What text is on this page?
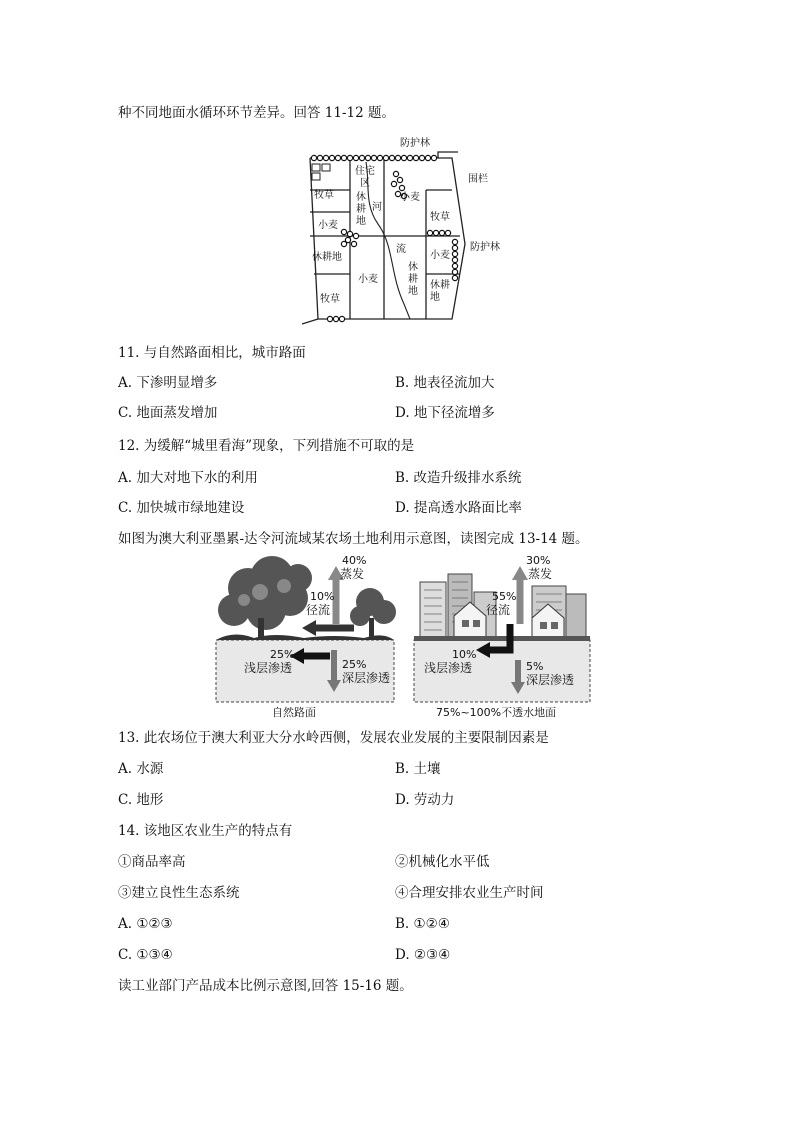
种不同地面水循环环节差异。回答 11-12 题。
防护林
住宅
区	围栏
防护林
牧草
牧草
牧草
小麦
小麦
小麦
小麦
休
耕
地
休耕地
休
耕
地
休耕
地
河
流
11. 与自然路面相比，城市路面
A. 下渗明显增多	B. 地表径流加大
C. 地面蒸发增加	D. 地下径流增多
12. 为缓解“城里看海”现象，下列措施不可取的是
A. 加大对地下水的利用	B. 改造升级排水系统
C. 加快城市绿地建设	D. 提高透水路面比率
如图为澳大利亚墨累-达令河流域某农场土地利用示意图，读图完成 13-14 题。
40%
蒸发
10%
径流
25%
浅层渗透	25%
深层渗透
自然路面
30%
蒸发
55%
径流
10%
浅层渗透	5%
深层渗透
75%~100%不透水地面
13. 此农场位于澳大利亚大分水岭西侧，发展农业发展的主要限制因素是
A. 水源	B. 土壤
C. 地形	D. 劳动力
14. 该地区农业生产的特点有
①商品率高	②机械化水平低
③建立良性生态系统	④合理安排农业生产时间
A. ①②③	B. ①②④
C. ①③④	D. ②③④
读工业部门产品成本比例示意图,回答 15-16 题。
